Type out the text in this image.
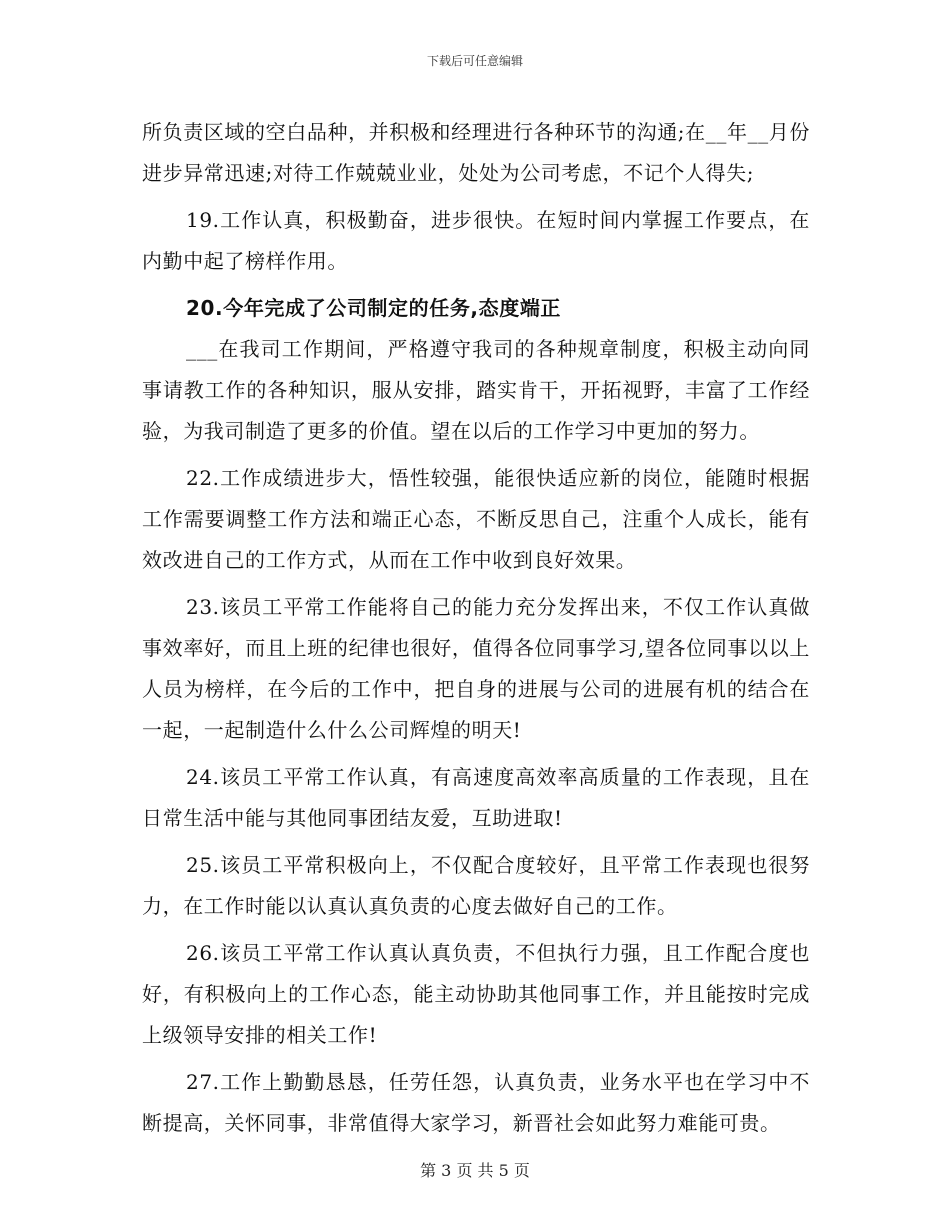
下载后可任意编辑

所负责区域的空白品种，并积极和经理进行各种环节的沟通;在__年__月份进步异常迅速;对待工作兢兢业业，处处为公司考虑，不记个人得失;

19.工作认真，积极勤奋，进步很快。在短时间内掌握工作要点，在内勤中起了榜样作用。

20.今年完成了公司制定的任务,态度端正

___在我司工作期间，严格遵守我司的各种规章制度，积极主动向同事请教工作的各种知识，服从安排，踏实肯干，开拓视野，丰富了工作经验，为我司制造了更多的价值。望在以后的工作学习中更加的努力。

22.工作成绩进步大，悟性较强，能很快适应新的岗位，能随时根据工作需要调整工作方法和端正心态，不断反思自己，注重个人成长，能有效改进自己的工作方式，从而在工作中收到良好效果。

23.该员工平常工作能将自己的能力充分发挥出来，不仅工作认真做事效率好，而且上班的纪律也很好，值得各位同事学习,望各位同事以以上人员为榜样，在今后的工作中，把自身的进展与公司的进展有机的结合在一起，一起制造什么什么公司辉煌的明天!

24.该员工平常工作认真，有高速度高效率高质量的工作表现，且在日常生活中能与其他同事团结友爱，互助进取!

25.该员工平常积极向上，不仅配合度较好，且平常工作表现也很努力，在工作时能以认真认真负责的心度去做好自己的工作。

26.该员工平常工作认真认真负责，不但执行力强，且工作配合度也好，有积极向上的工作心态，能主动协助其他同事工作，并且能按时完成上级领导安排的相关工作!

27.工作上勤勤恳恳，任劳任怨，认真负责，业务水平也在学习中不断提高，关怀同事，非常值得大家学习，新晋社会如此努力难能可贵。

第 3 页 共 5 页
